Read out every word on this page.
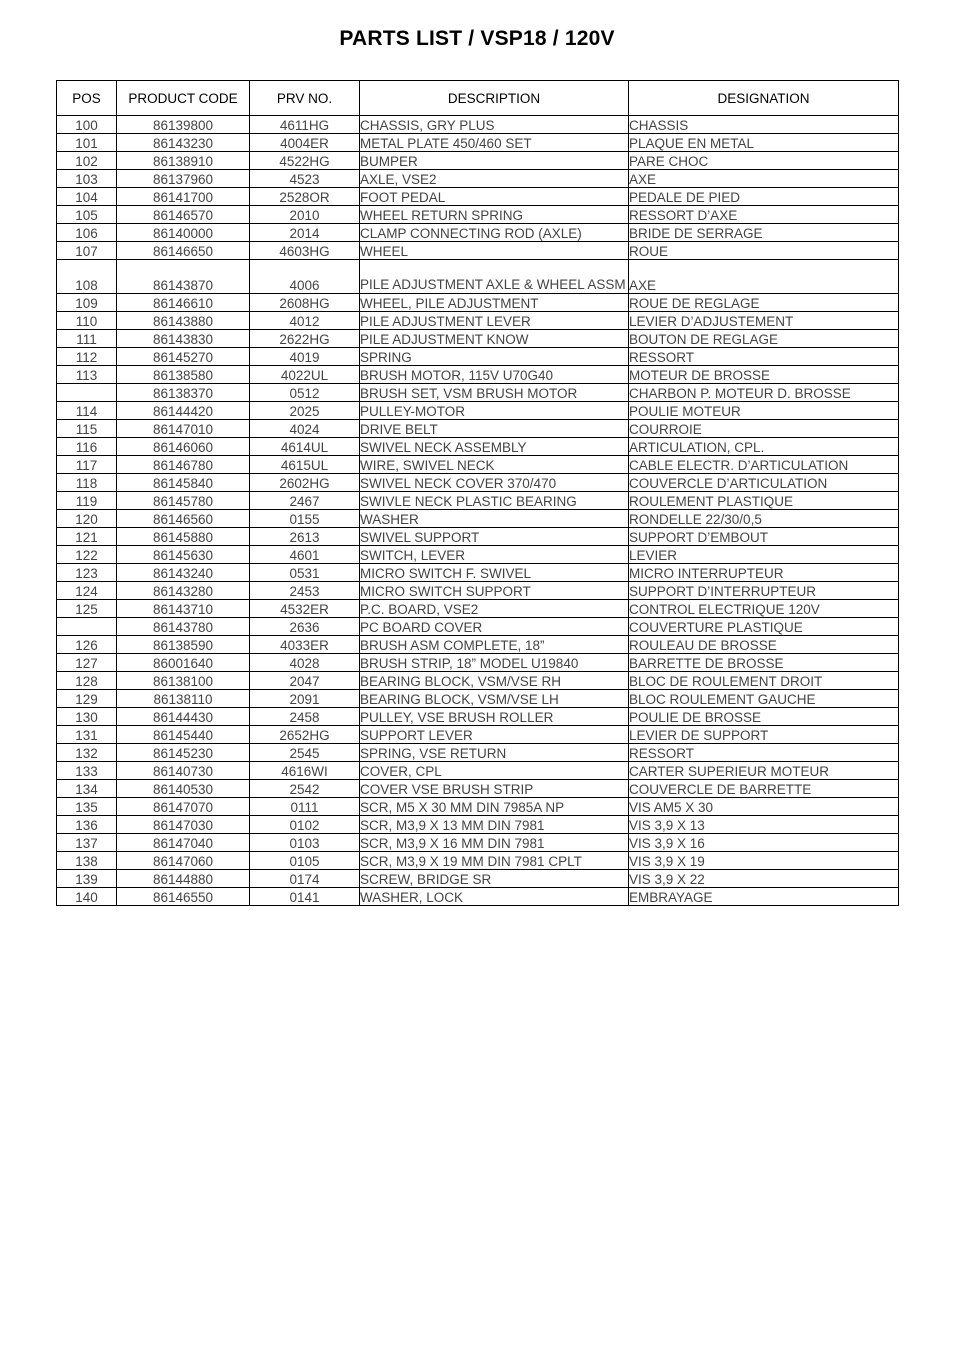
PARTS LIST / VSP18 / 120V
POS	PRODUCT CODE	PRV NO.	DESCRIPTION	DESIGNATION
100	86139800	4611HG	CHASSIS, GRY PLUS	CHASSIS
101	86143230	4004ER	METAL PLATE 450/460 SET	PLAQUE EN METAL
102	86138910	4522HG	BUMPER	PARE CHOC
103	86137960	4523	AXLE, VSE2	AXE
104	86141700	2528OR	FOOT PEDAL	PEDALE DE PIED
105	86146570	2010	WHEEL RETURN SPRING	RESSORT D’AXE
106	86140000	2014	CLAMP CONNECTING ROD (AXLE)	BRIDE DE SERRAGE
107	86146650	4603HG	WHEEL	ROUE
108	86143870	4006	PILE ADJUSTMENT AXLE & WHEEL ASSM	AXE
109	86146610	2608HG	WHEEL, PILE ADJUSTMENT	ROUE DE REGLAGE
110	86143880	4012	PILE ADJUSTMENT LEVER	LEVIER D’ADJUSTEMENT
111	86143830	2622HG	PILE ADJUSTMENT KNOW	BOUTON DE REGLAGE
112	86145270	4019	SPRING	RESSORT
113	86138580	4022UL	BRUSH MOTOR, 115V U70G40	MOTEUR DE BROSSE
	86138370	0512	BRUSH SET, VSM BRUSH MOTOR	CHARBON P. MOTEUR D. BROSSE
114	86144420	2025	PULLEY-MOTOR	POULIE MOTEUR
115	86147010	4024	DRIVE BELT	COURROIE
116	86146060	4614UL	SWIVEL NECK ASSEMBLY	ARTICULATION, CPL.
117	86146780	4615UL	WIRE, SWIVEL NECK	CABLE ELECTR. D’ARTICULATION
118	86145840	2602HG	SWIVEL NECK COVER 370/470	COUVERCLE D’ARTICULATION
119	86145780	2467	SWIVLE NECK PLASTIC BEARING	ROULEMENT PLASTIQUE
120	86146560	0155	WASHER	RONDELLE 22/30/0,5
121	86145880	2613	SWIVEL SUPPORT	SUPPORT D’EMBOUT
122	86145630	4601	SWITCH, LEVER	LEVIER
123	86143240	0531	MICRO SWITCH F. SWIVEL	MICRO INTERRUPTEUR
124	86143280	2453	MICRO SWITCH SUPPORT	SUPPORT D’INTERRUPTEUR
125	86143710	4532ER	P.C. BOARD, VSE2	CONTROL ELECTRIQUE 120V
	86143780	2636	PC BOARD COVER	COUVERTURE PLASTIQUE
126	86138590	4033ER	BRUSH ASM COMPLETE, 18”	ROULEAU DE BROSSE
127	86001640	4028	BRUSH STRIP, 18” MODEL U19840	BARRETTE DE BROSSE
128	86138100	2047	BEARING BLOCK, VSM/VSE RH	BLOC DE ROULEMENT DROIT
129	86138110	2091	BEARING BLOCK, VSM/VSE LH	BLOC ROULEMENT GAUCHE
130	86144430	2458	PULLEY, VSE BRUSH ROLLER	POULIE DE BROSSE
131	86145440	2652HG	SUPPORT LEVER	LEVIER DE SUPPORT
132	86145230	2545	SPRING, VSE RETURN	RESSORT
133	86140730	4616WI	COVER, CPL	CARTER SUPERIEUR MOTEUR
134	86140530	2542	COVER VSE BRUSH STRIP	COUVERCLE DE BARRETTE
135	86147070	0111	SCR, M5 X 30 MM DIN 7985A NP	VIS AM5 X 30
136	86147030	0102	SCR, M3,9 X 13 MM DIN 7981	VIS 3,9 X 13
137	86147040	0103	SCR, M3,9 X 16 MM DIN 7981	VIS 3,9 X 16
138	86147060	0105	SCR, M3,9 X 19 MM DIN 7981 CPLT	VIS 3,9 X 19
139	86144880	0174	SCREW, BRIDGE SR	VIS 3,9 X 22
140	86146550	0141	WASHER, LOCK	EMBRAYAGE
